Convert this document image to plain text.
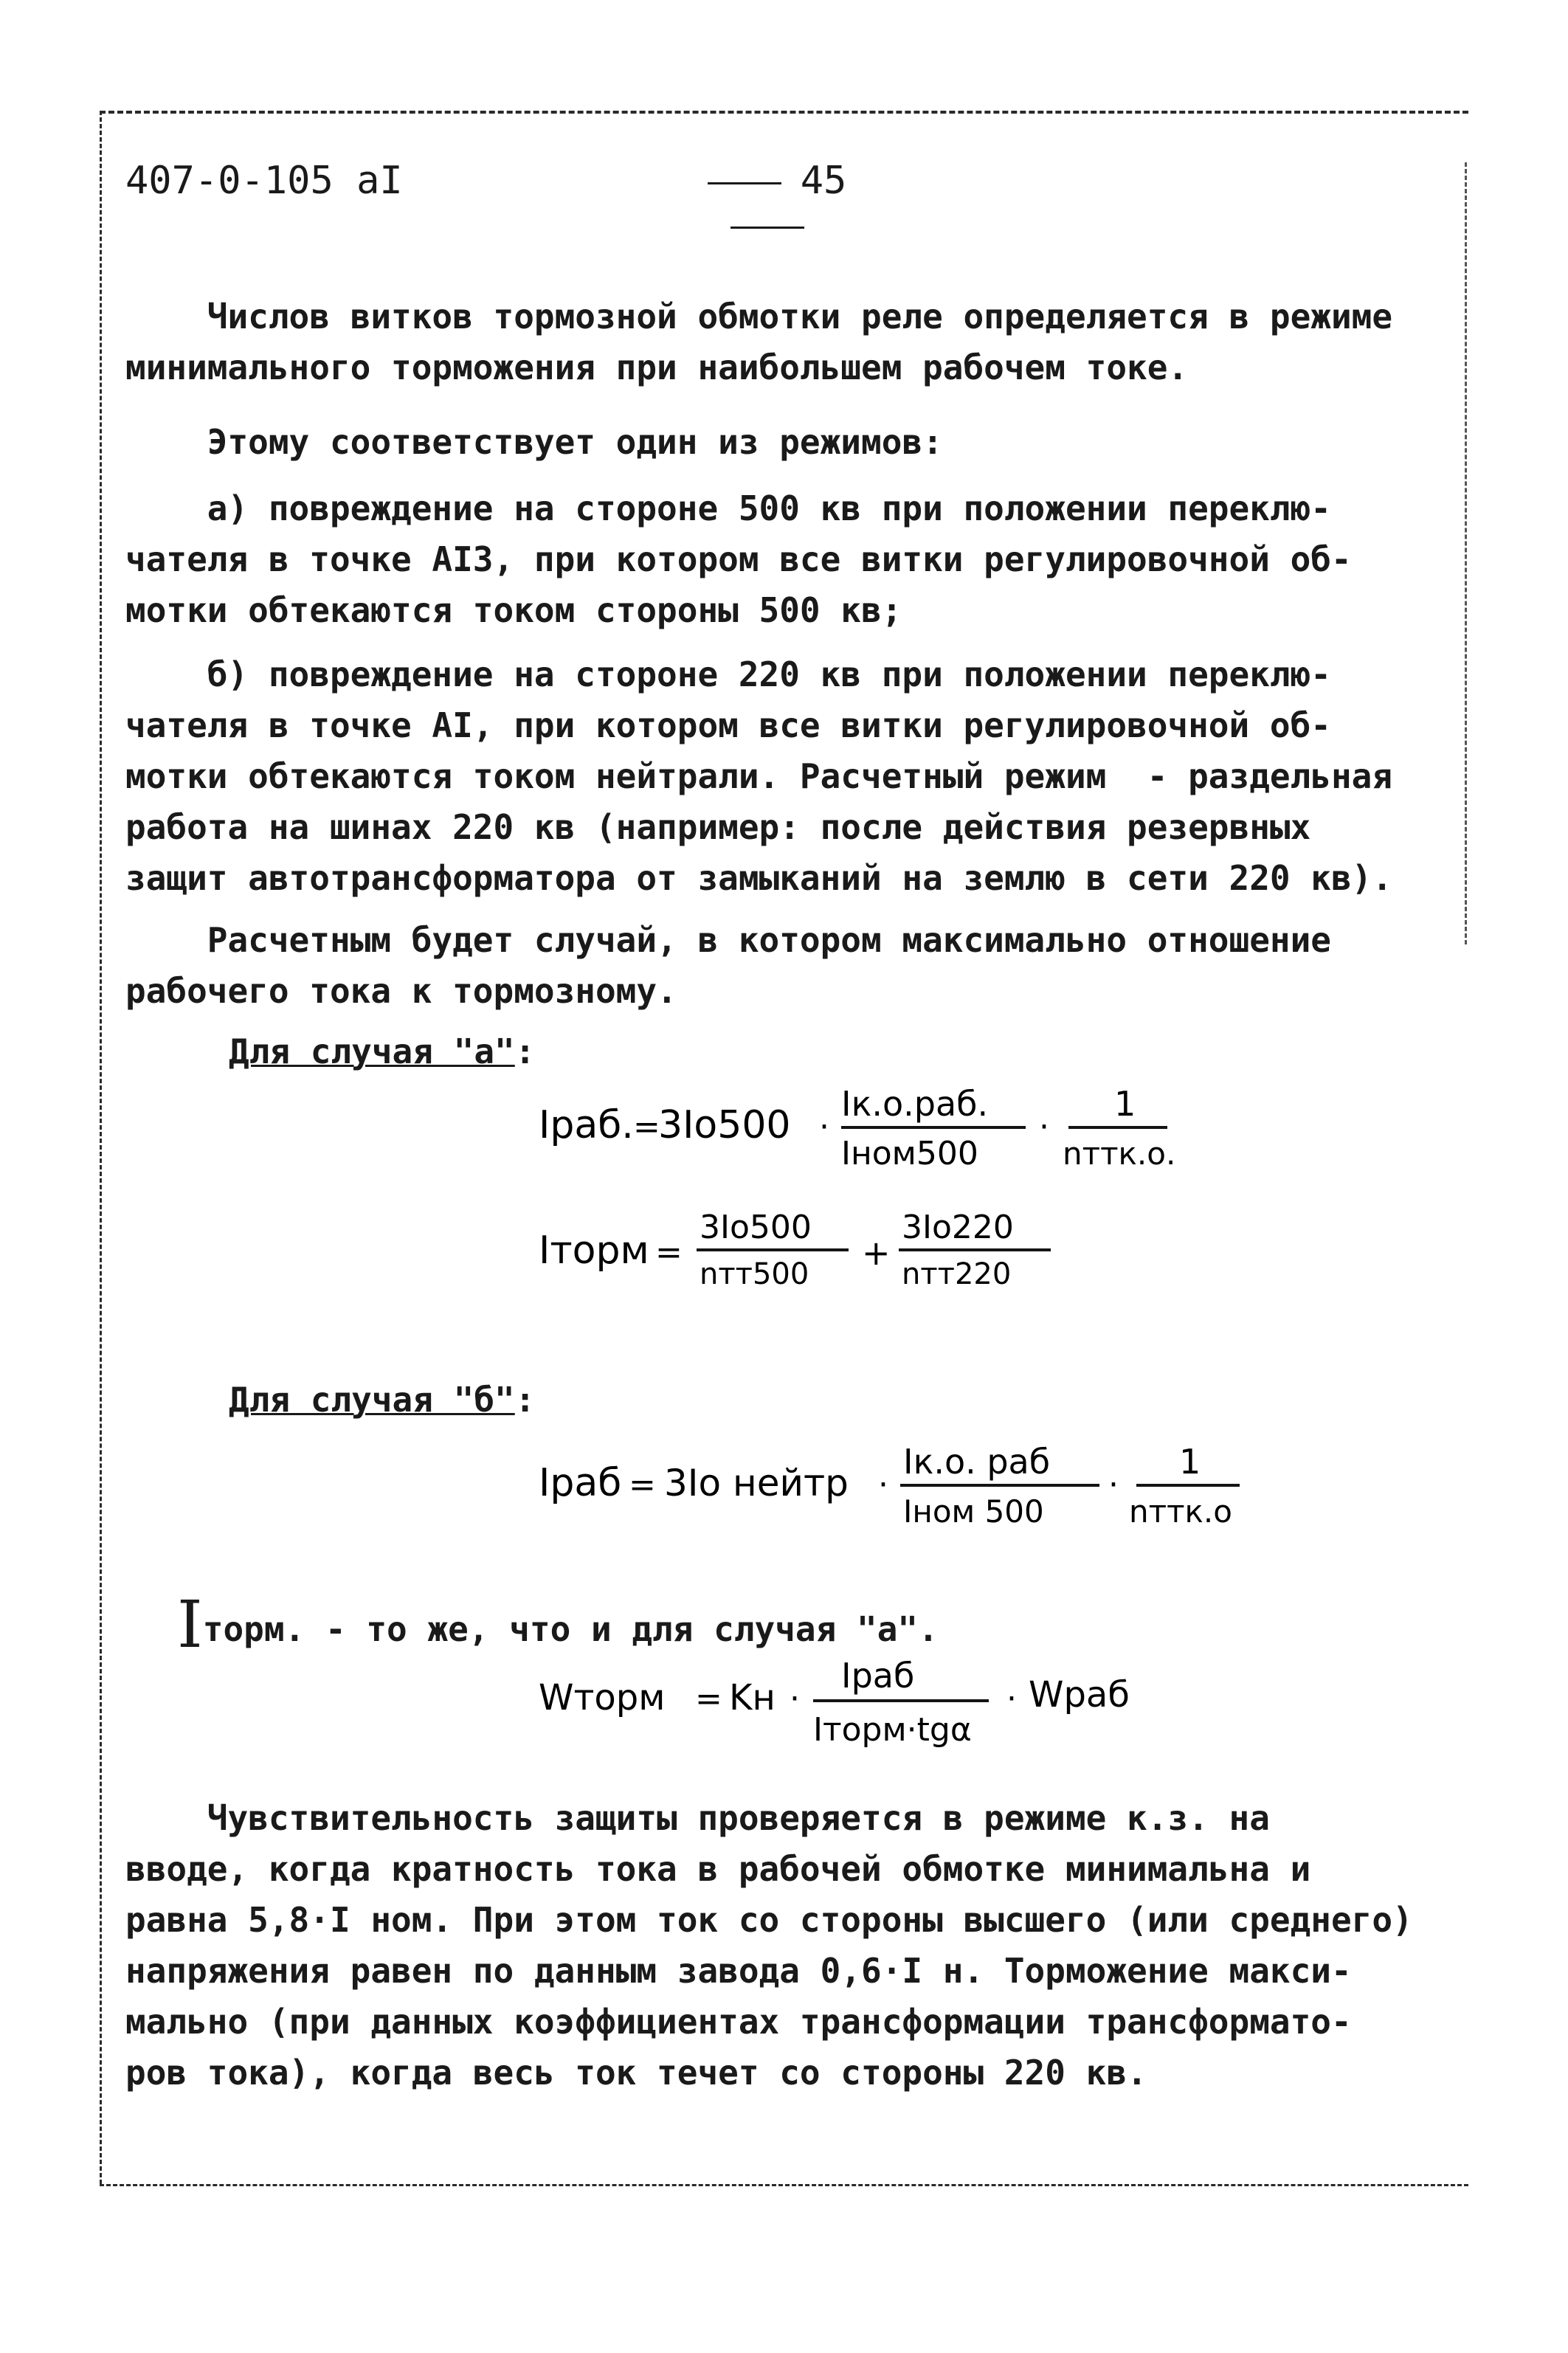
407-0-105 аI	45

Числов витков тормозной обмотки реле определяется в режиме
минимального торможения при наибольшем рабочем токе.

Этому соответствует один из режимов:

а) повреждение на стороне 500 кв при положении переклю-
чателя в точке AI3, при котором все витки регулировочной об-
мотки обтекаются током стороны 500 кв;

б) повреждение на стороне 220 кв при положении переклю-
чателя в точке AI, при котором все витки регулировочной об-
мотки обтекаются током нейтрали. Расчетный режим  - раздельная
работа на шинах 220 кв (например: после действия резервных
защит автотрансформатора от замыканий на землю в сети 220 кв).

Расчетным будет случай, в котором максимально отношение
рабочего тока к тормозному.

Для случая "а":
Iраб. =
3Io500 ·
Iк.о.раб.
Iном500
·
1
nттк.о.
Iторм =
3Io500
nтт500
+
3Io220
nтт220
Для случая "б":
Iраб = 3Io нейтр ·
Iк.о. раб
Iном 500
·
1
nттк.о
Iторм. - то же, что и для случая "а".
Wторм = Kн ·
Iраб
Iторм·tgα
· Wраб

Чувствительность защиты проверяется в режиме к.з. на
вводе, когда кратность тока в рабочей обмотке минимальна и
равна 5,8·I ном. При этом ток со стороны высшего (или среднего)
напряжения равен по данным завода 0,6·I н. Торможение макси-
мально (при данных коэффициентах трансформации трансформато-
ров тока), когда весь ток течет со стороны 220 кв.
